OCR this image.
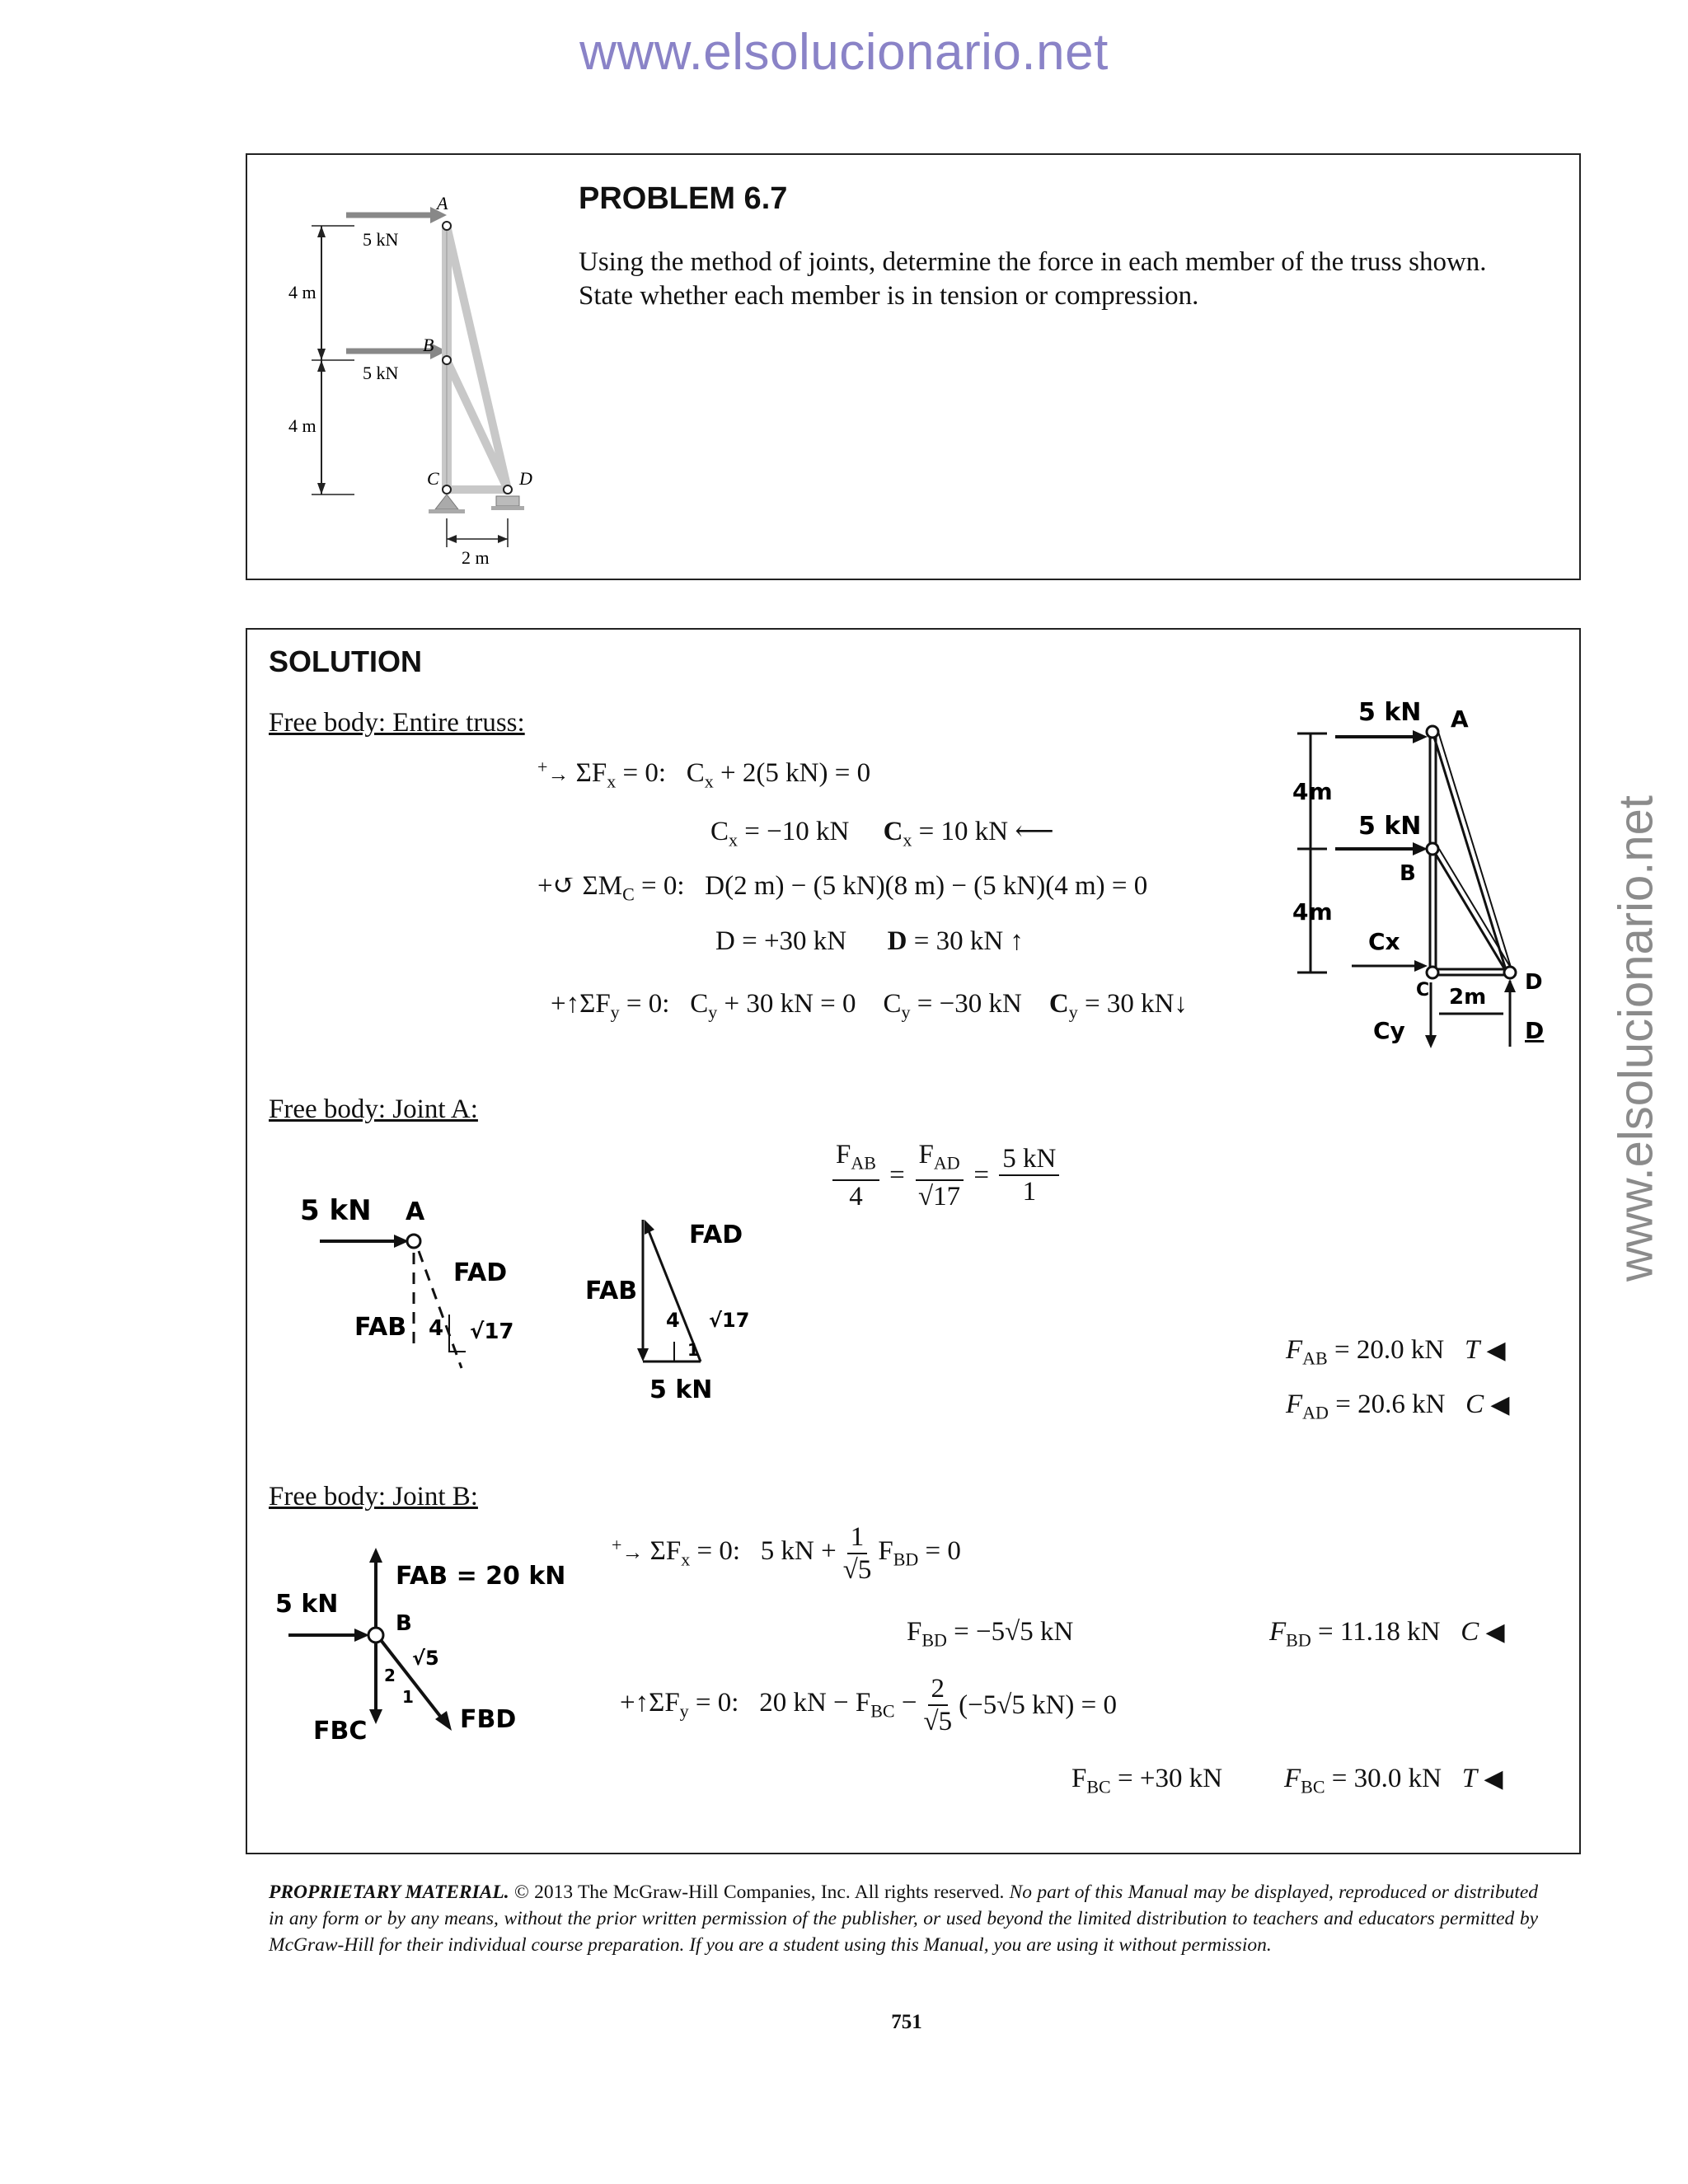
www.elsolucionario.net
www.elsolucionario.net
4 m
4 m
5 kN
5 kN
A
B
C	D
2 m
PROBLEM 6.7
Using the method of joints, determine the force in each member of the truss shown.
State whether each member is in tension or compression.
SOLUTION
Free body: Entire truss:
$^+\to \Sigma F_x = 0$:   $C_x + 2(5$ kN) = 0
$C_x = -10$ kN     $C_x = 10$ kN ⟵
+↺ $\Sigma M_C = 0$:   D(2 m) − (5 kN)(8 m) − (5 kN)(4 m) = 0
D = +30 kN      D = 30 kN ↑
$+↑\Sigma F_y = 0$:   $C_y + 30$ kN = 0    $C_y = -30$ kN    $C_y = 30$ kN↓
5 kN A
5 kN
B
4m
4m
Cx
C	D
Cy
2m
D
Free body: Joint A:
$\frac{F_{AB}}{4} = \frac{F_{AD}}{√17} = \frac{5 kN}{1}$
5 kN A
FAD
FAB 4 √17
FAD
FAB
4 √17
1
5 kN
$F_{AB} = 20.0$ kN   T ◀
$F_{AD} = 20.6$ kN   C ◀
Free body: Joint B:
FAB = 20 kN
5 kN
B
√5
2
1
FBC	FBD
$^+\to \Sigma F_x = 0$:   5 kN + $\frac{1}{√5} F_{BD} = 0$
$F_{BD} = -5√5$ kN	$F_{BD} = 11.18$ kN   C ◀
$+↑\Sigma F_y = 0$:   20 kN − $F_{BC} - \frac{2}{√5} (-5√5$ kN) = 0
$F_{BC} = +30$ kN $F_{BC} = 30.0$ kN   T ◀
PROPRIETARY MATERIAL. © 2013 The McGraw-Hill Companies, Inc. All rights reserved. No part of this Manual may be displayed, reproduced or distributed in any form or by any means, without the prior written permission of the publisher, or used beyond the limited distribution to teachers and educators permitted by McGraw-Hill for their individual course preparation. If you are a student using this Manual, you are using it without permission.
751
